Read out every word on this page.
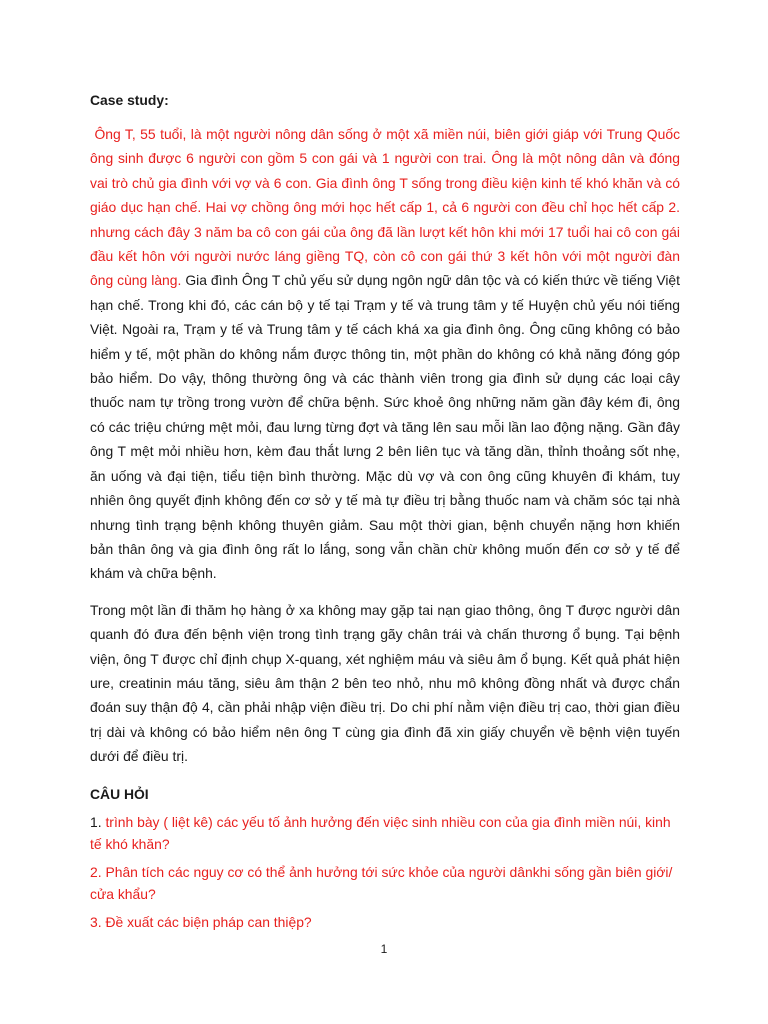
Case study:

Ông T, 55 tuổi, là một người nông dân sống ở một xã miền núi, biên giới giáp với Trung Quốc ông sinh được 6 người con gồm 5 con gái và 1 người con trai. Ông là một nông dân và đóng vai trò chủ gia đình với vợ và 6 con. Gia đình ông T sống trong điều kiện kinh tế khó khăn và có giáo dục hạn chế. Hai vợ chồng ông mới học hết cấp 1, cả 6 người con đều chỉ học hết cấp 2. nhưng cách đây 3 năm ba cô con gái của ông đã lần lượt kết hôn khi mới 17 tuổi hai cô con gái đầu kết hôn với người nước láng giềng TQ, còn cô con gái thứ 3 kết hôn với một người đàn ông cùng làng. Gia đình Ông T chủ yếu sử dụng ngôn ngữ dân tộc và có kiến thức về tiếng Việt hạn chế. Trong khi đó, các cán bộ y tế tại Trạm y tế và trung tâm y tế Huyện chủ yếu nói tiếng Việt. Ngoài ra, Trạm y tế và Trung tâm y tế cách khá xa gia đình ông. Ông cũng không có bảo hiểm y tế, một phần do không nắm được thông tin, một phần do không có khả năng đóng góp bảo hiểm. Do vậy, thông thường ông và các thành viên trong gia đình sử dụng các loại cây thuốc nam tự trồng trong vườn để chữa bệnh. Sức khoẻ ông những năm gần đây kém đi, ông có các triệu chứng mệt mỏi, đau lưng từng đợt và tăng lên sau mỗi lần lao động nặng. Gần đây ông T mệt mỏi nhiều hơn, kèm đau thắt lưng 2 bên liên tục và tăng dần, thỉnh thoảng sốt nhẹ, ăn uống và đại tiện, tiểu tiện bình thường. Mặc dù vợ và con ông cũng khuyên đi khám, tuy nhiên ông quyết định không đến cơ sở y tế mà tự điều trị bằng thuốc nam và chăm sóc tại nhà nhưng tình trạng bệnh không thuyên giảm. Sau một thời gian, bệnh chuyển nặng hơn khiến bản thân ông và gia đình ông rất lo lắng, song vẫn chần chừ không muốn đến cơ sở y tế để khám và chữa bệnh.

Trong một lần đi thăm họ hàng ở xa không may gặp tai nạn giao thông, ông T được người dân quanh đó đưa đến bệnh viện trong tình trạng gãy chân trái và chấn thương ổ bụng. Tại bệnh viện, ông T được chỉ định chụp X-quang, xét nghiệm máu và siêu âm ổ bụng. Kết quả phát hiện ure, creatinin máu tăng, siêu âm thận 2 bên teo nhỏ, nhu mô không đồng nhất và được chẩn đoán suy thận độ 4, cần phải nhập viện điều trị. Do chi phí nằm viện điều trị cao, thời gian điều trị dài và không có bảo hiểm nên ông T cùng gia đình đã xin giấy chuyển về bệnh viện tuyến dưới để điều trị.

CÂU HỎI
1. trình bày ( liệt kê) các yếu tố ảnh hưởng đến việc sinh nhiều con của gia đình miền núi, kinh tế khó khăn?
2. Phân tích các nguy cơ có thể ảnh hưởng tới sức khỏe của người dânkhi sống gần biên giới/ cửa khẩu?
3. Đề xuất các biện pháp can thiệp?
1
